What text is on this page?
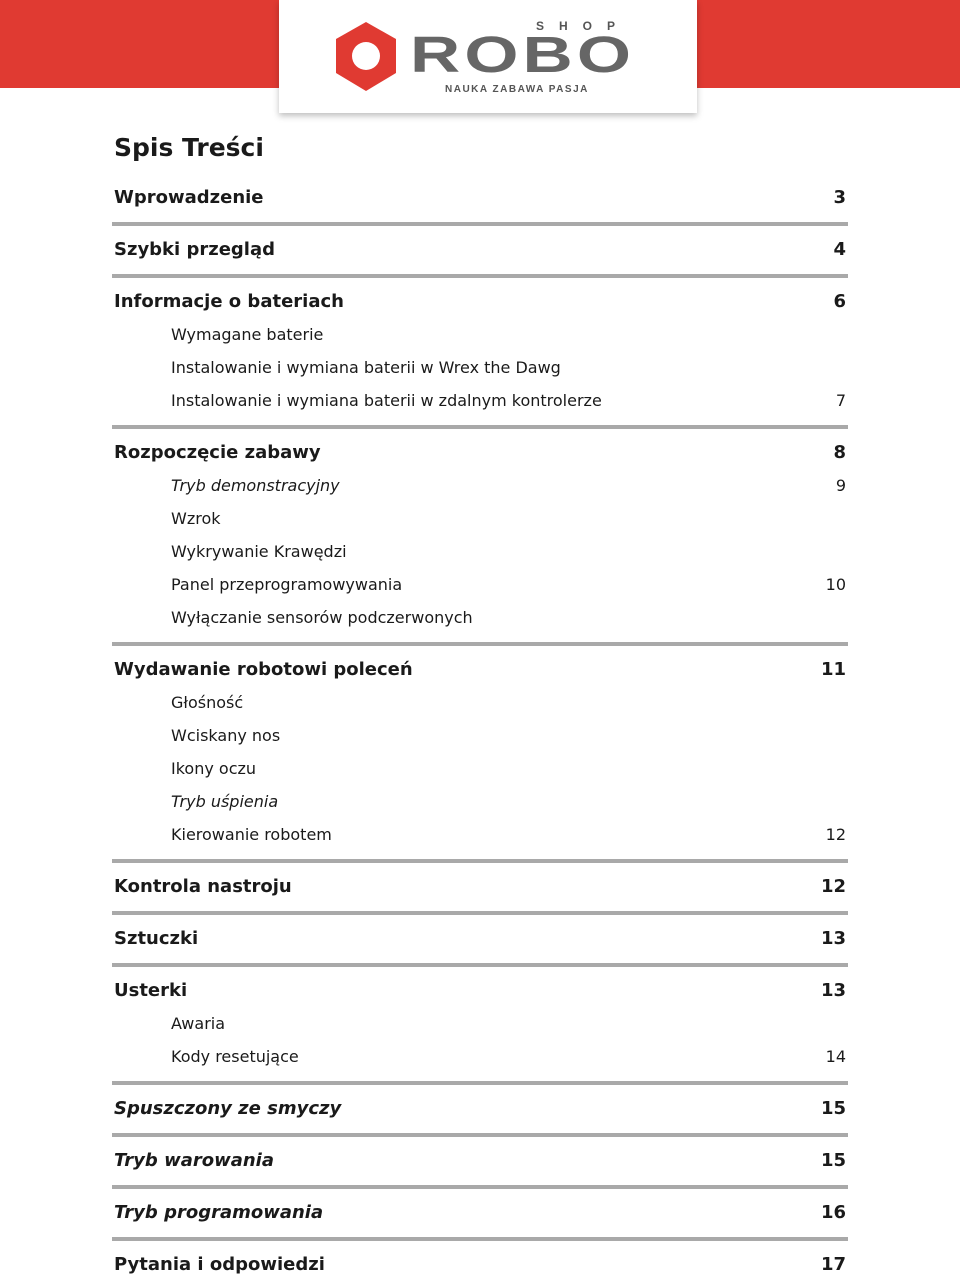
SHOP
ROBO
NAUKA ZABAWA PASJA
Spis Treści
Wprowadzenie	3
Szybki przegląd	4
Informacje o bateriach	6
Wymagane baterie
Instalowanie i wymiana baterii w Wrex the Dawg
Instalowanie i wymiana baterii w zdalnym kontrolerze	7
Rozpoczęcie zabawy	8
Tryb demonstracyjny	9
Wzrok
Wykrywanie Krawędzi
Panel przeprogramowywania	10
Wyłączanie sensorów podczerwonych
Wydawanie robotowi poleceń	11
Głośność
Wciskany nos
Ikony oczu
Tryb uśpienia
Kierowanie robotem	12
Kontrola nastroju	12
Sztuczki	13
Usterki	13
Awaria
Kody resetujące	14
Spuszczony ze smyczy	15
Tryb warowania	15
Tryb programowania	16
Pytania i odpowiedzi	17
